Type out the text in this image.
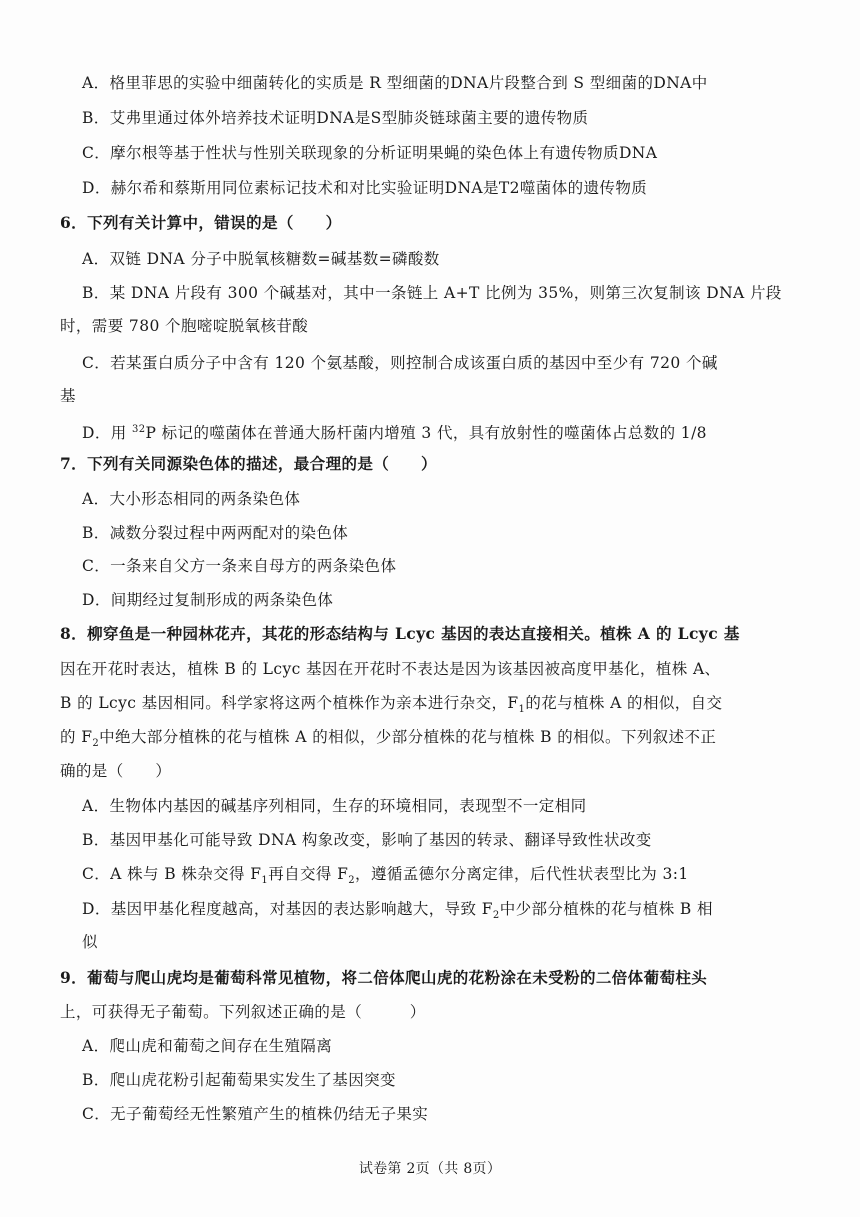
A．格里菲思的实验中细菌转化的实质是 R 型细菌的DNA片段整合到 S 型细菌的DNA中
B．艾弗里通过体外培养技术证明DNA是S型肺炎链球菌主要的遗传物质
C．摩尔根等基于性状与性别关联现象的分析证明果蝇的染色体上有遗传物质DNA
D．赫尔希和蔡斯用同位素标记技术和对比实验证明DNA是T2噬菌体的遗传物质
6．下列有关计算中，错误的是（　　）
A．双链 DNA 分子中脱氧核糖数=碱基数=磷酸数
B．某 DNA 片段有 300 个碱基对，其中一条链上 A+T 比例为 35%，则第三次复制该 DNA 片段
时，需要 780 个胞嘧啶脱氧核苷酸
C．若某蛋白质分子中含有 120 个氨基酸，则控制合成该蛋白质的基因中至少有 720 个碱
基
D．用 $^{32}$P 标记的噬菌体在普通大肠杆菌内增殖 3 代，具有放射性的噬菌体占总数的 1/8
7．下列有关同源染色体的描述，最合理的是（　　）
A．大小形态相同的两条染色体
B．减数分裂过程中两两配对的染色体
C．一条来自父方一条来自母方的两条染色体
D．间期经过复制形成的两条染色体
8．柳穿鱼是一种园林花卉，其花的形态结构与 Lcyc 基因的表达直接相关。植株 A 的 Lcyc 基
因在开花时表达，植株 B 的 Lcyc 基因在开花时不表达是因为该基因被高度甲基化，植株 A、
B 的 Lcyc 基因相同。科学家将这两个植株作为亲本进行杂交，$F_1$的花与植株 A 的相似，自交
的 $F_2$中绝大部分植株的花与植株 A 的相似，少部分植株的花与植株 B 的相似。下列叙述不正
确的是（　　）
A．生物体内基因的碱基序列相同，生存的环境相同，表现型不一定相同
B．基因甲基化可能导致 DNA 构象改变，影响了基因的转录、翻译导致性状改变
C．A 株与 B 株杂交得 $F_1$再自交得 $F_2$，遵循孟德尔分离定律，后代性状表型比为 3:1
D．基因甲基化程度越高，对基因的表达影响越大，导致 $F_2$中少部分植株的花与植株 B 相
似
9．葡萄与爬山虎均是葡萄科常见植物，将二倍体爬山虎的花粉涂在未受粉的二倍体葡萄柱头
上，可获得无子葡萄。下列叙述正确的是（　　　）
A．爬山虎和葡萄之间存在生殖隔离
B．爬山虎花粉引起葡萄果实发生了基因突变
C．无子葡萄经无性繁殖产生的植株仍结无子果实
试卷第 2页（共 8页）
